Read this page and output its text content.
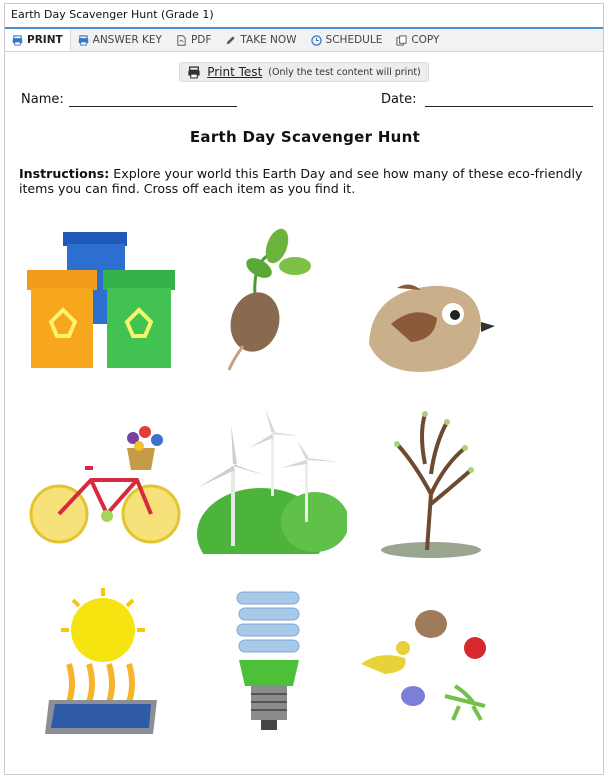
Earth Day Scavenger Hunt (Grade 1)
PRINT	ANSWER KEY	PDF	TAKE NOW	SCHEDULE	COPY
Print Test (Only the test content will print)
Name:	Date:
Earth Day Scavenger Hunt
Instructions: Explore your world this Earth Day and see how many of these eco-friendly items you can find. Cross off each item as you find it.
